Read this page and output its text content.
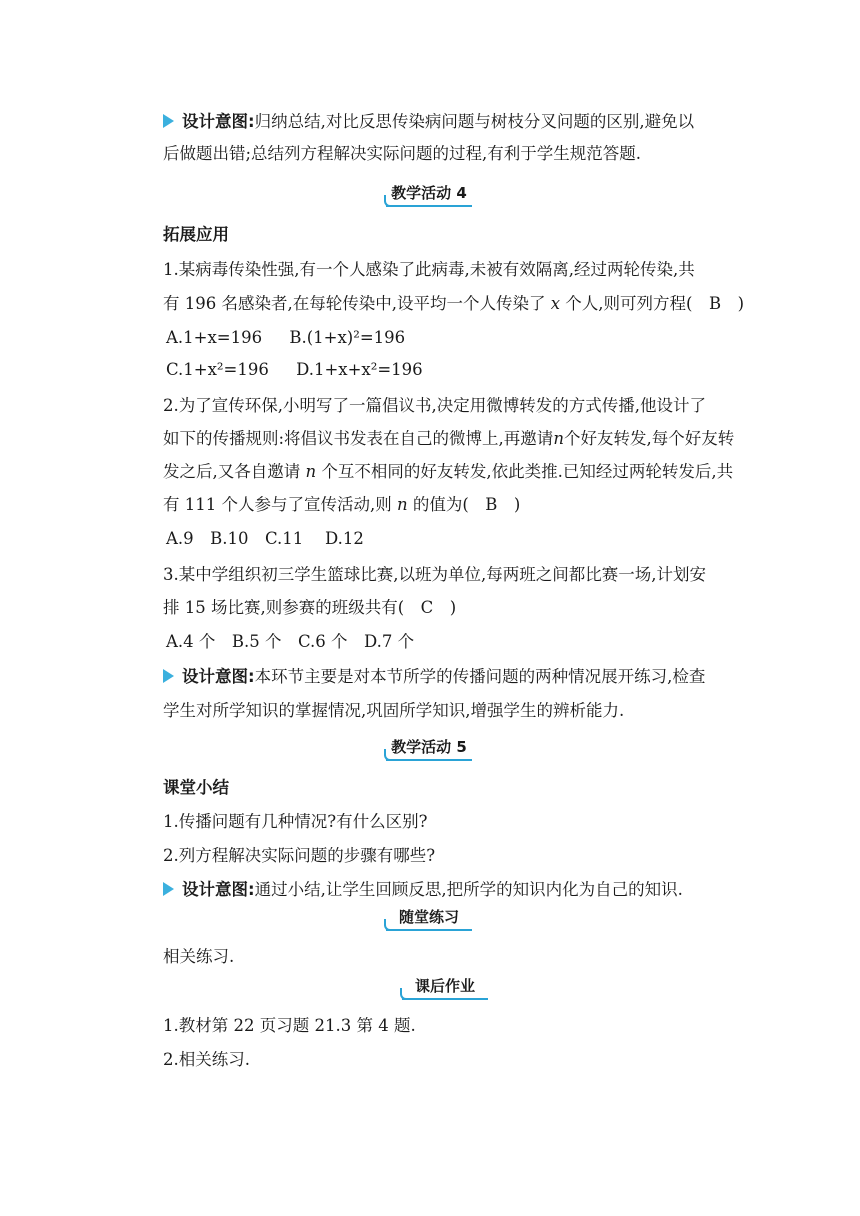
设计意图:归纳总结,对比反思传染病问题与树枝分叉问题的区别,避免以
后做题出错;总结列方程解决实际问题的过程,有利于学生规范答题.
教学活动 4
拓展应用
1.某病毒传染性强,有一个人感染了此病毒,未被有效隔离,经过两轮传染,共
有 196 名感染者,在每轮传染中,设平均一个人传染了 x 个人,则可列方程(　B　)
A.1+x=196 B.(1+x)²=196
C.1+x²=196 D.1+x+x²=196
2.为了宣传环保,小明写了一篇倡议书,决定用微博转发的方式传播,他设计了
如下的传播规则:将倡议书发表在自己的微博上,再邀请n个好友转发,每个好友转
发之后,又各自邀请 n 个互不相同的好友转发,依此类推.已知经过两轮转发后,共
有 111 个人参与了宣传活动,则 n 的值为(　B　)
A.9　B.10　C.11　 D.12
3.某中学组织初三学生篮球比赛,以班为单位,每两班之间都比赛一场,计划安
排 15 场比赛,则参赛的班级共有(　C　)
A.4 个　B.5 个　C.6 个　D.7 个
设计意图:本环节主要是对本节所学的传播问题的两种情况展开练习,检查
学生对所学知识的掌握情况,巩固所学知识,增强学生的辨析能力.
教学活动 5
课堂小结
1.传播问题有几种情况?有什么区别?
2.列方程解决实际问题的步骤有哪些?
设计意图:通过小结,让学生回顾反思,把所学的知识内化为自己的知识.
随堂练习
相关练习.
课后作业
1.教材第 22 页习题 21.3 第 4 题.
2.相关练习.
